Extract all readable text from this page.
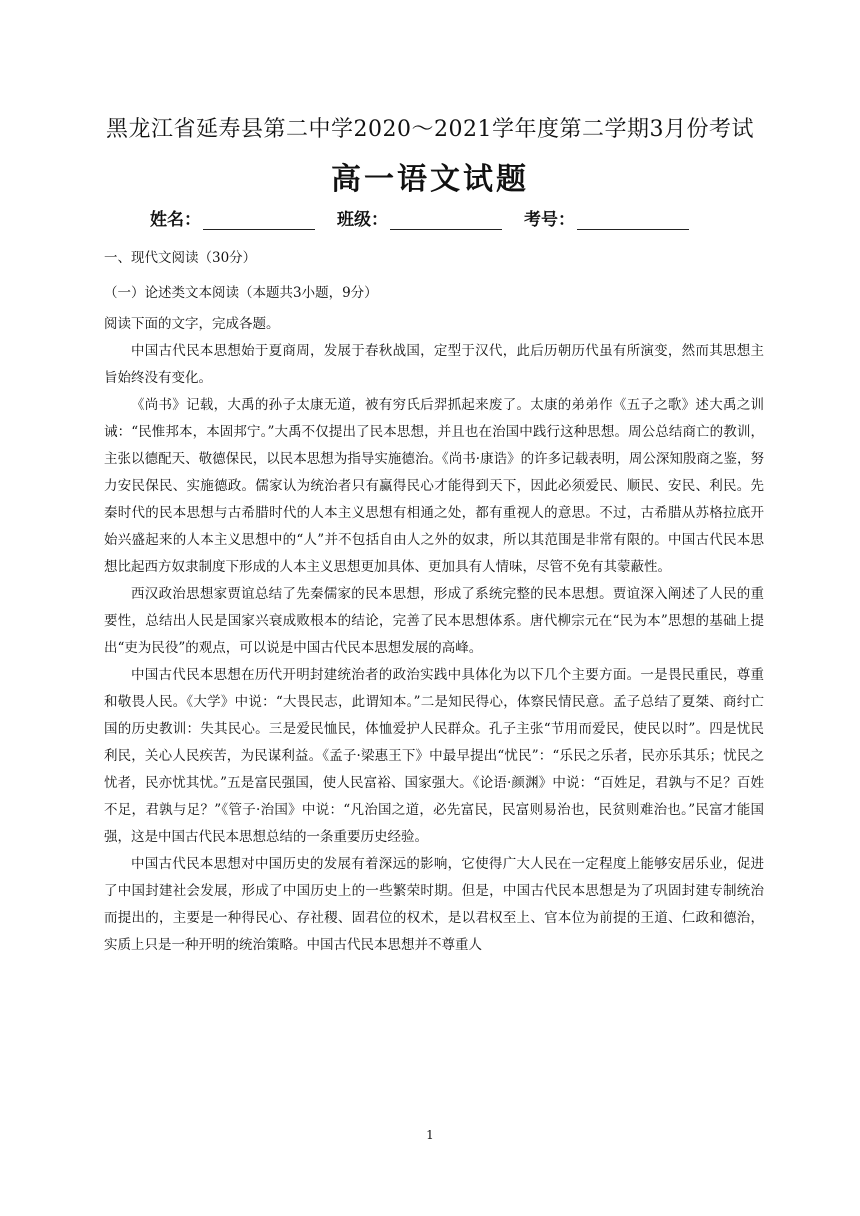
黑龙江省延寿县第二中学2020～2021学年度第二学期3月份考试
高一语文试题
姓名：	班级：	考号：

一、现代文阅读（30分）

（一）论述类文本阅读（本题共3小题，9分）

阅读下面的文字，完成各题。

中国古代民本思想始于夏商周，发展于春秋战国，定型于汉代，此后历朝历代虽有所演变，然而其思想主旨始终没有变化。

《尚书》记载，大禹的孙子太康无道，被有穷氏后羿抓起来废了。太康的弟弟作《五子之歌》述大禹之训诫：“民惟邦本，本固邦宁。”大禹不仅提出了民本思想，并且也在治国中践行这种思想。周公总结商亡的教训，主张以德配天、敬德保民，以民本思想为指导实施德治。《尚书·康诰》的许多记载表明，周公深知殷商之鉴，努力安民保民、实施德政。儒家认为统治者只有赢得民心才能得到天下，因此必须爱民、顺民、安民、利民。先秦时代的民本思想与古希腊时代的人本主义思想有相通之处，都有重视人的意思。不过，古希腊从苏格拉底开始兴盛起来的人本主义思想中的“人”并不包括自由人之外的奴隶，所以其范围是非常有限的。中国古代民本思想比起西方奴隶制度下形成的人本主义思想更加具体、更加具有人情味，尽管不免有其蒙蔽性。

西汉政治思想家贾谊总结了先秦儒家的民本思想，形成了系统完整的民本思想。贾谊深入阐述了人民的重要性，总结出人民是国家兴衰成败根本的结论，完善了民本思想体系。唐代柳宗元在“民为本”思想的基础上提出“吏为民役”的观点，可以说是中国古代民本思想发展的高峰。

中国古代民本思想在历代开明封建统治者的政治实践中具体化为以下几个主要方面。一是畏民重民，尊重和敬畏人民。《大学》中说：“大畏民志，此谓知本。”二是知民得心，体察民情民意。孟子总结了夏桀、商纣亡国的历史教训：失其民心。三是爱民恤民，体恤爱护人民群众。孔子主张“节用而爱民，使民以时”。四是忧民利民，关心人民疾苦，为民谋利益。《孟子·梁惠王下》中最早提出“忧民”：“乐民之乐者，民亦乐其乐；忧民之忧者，民亦忧其忧。”五是富民强国，使人民富裕、国家强大。《论语·颜渊》中说：“百姓足，君孰与不足？百姓不足，君孰与足？”《管子·治国》中说：“凡治国之道，必先富民，民富则易治也，民贫则难治也。”民富才能国强，这是中国古代民本思想总结的一条重要历史经验。

中国古代民本思想对中国历史的发展有着深远的影响，它使得广大人民在一定程度上能够安居乐业，促进了中国封建社会发展，形成了中国历史上的一些繁荣时期。但是，中国古代民本思想是为了巩固封建专制统治而提出的，主要是一种得民心、存社稷、固君位的权术，是以君权至上、官本位为前提的王道、仁政和德治，实质上只是一种开明的统治策略。中国古代民本思想并不尊重人

1
